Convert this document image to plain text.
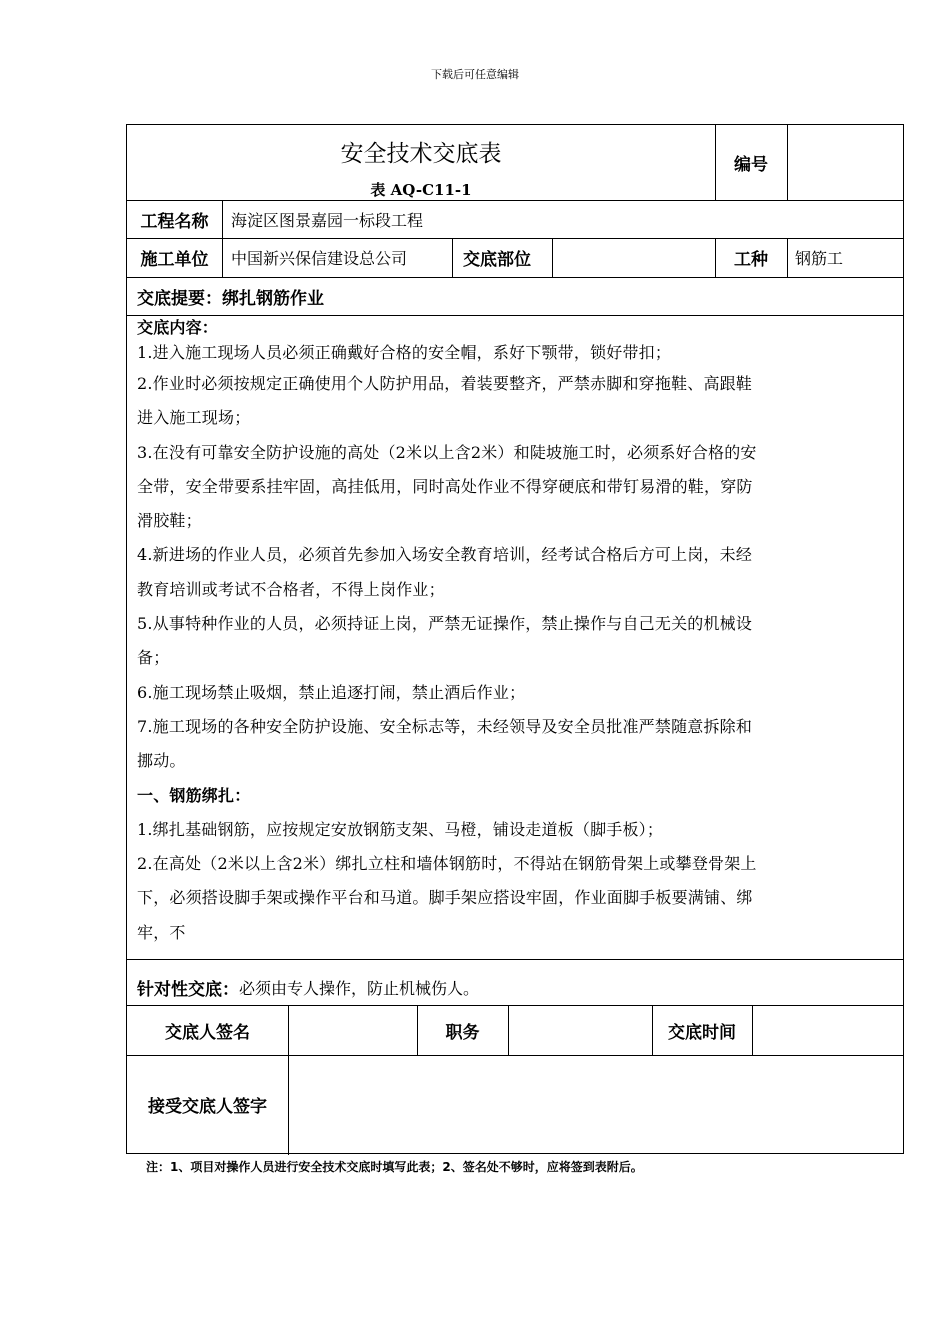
下载后可任意编辑
安全技术交底表
表 AQ-C11-1
编号
工程名称	海淀区图景嘉园一标段工程
施工单位	中国新兴保信建设总公司	交底部位	工种	钢筋工
交底提要： 绑扎钢筋作业
针对性交底： 必须由专人操作，防止机械伤人。
交底人签名	职务	交底时间
接受交底人签字
交底内容：
1.进入施工现场人员必须正确戴好合格的安全帽，系好下颚带，锁好带扣；
2.作业时必须按规定正确使用个人防护用品，着装要整齐，严禁赤脚和穿拖鞋、高跟鞋
进入施工现场；
3.在没有可靠安全防护设施的高处（2米以上含2米）和陡坡施工时，必须系好合格的安
全带，安全带要系挂牢固，高挂低用，同时高处作业不得穿硬底和带钉易滑的鞋，穿防
滑胶鞋；
4.新进场的作业人员，必须首先参加入场安全教育培训，经考试合格后方可上岗，未经
教育培训或考试不合格者，不得上岗作业；
5.从事特种作业的人员，必须持证上岗，严禁无证操作，禁止操作与自己无关的机械设
备；
6.施工现场禁止吸烟，禁止追逐打闹，禁止酒后作业；
7.施工现场的各种安全防护设施、安全标志等，未经领导及安全员批准严禁随意拆除和
挪动。
一、钢筋绑扎：
1.绑扎基础钢筋，应按规定安放钢筋支架、马橙，铺设走道板（脚手板）；
2.在高处（2米以上含2米）绑扎立柱和墙体钢筋时，不得站在钢筋骨架上或攀登骨架上
下，必须搭设脚手架或操作平台和马道。脚手架应搭设牢固，作业面脚手板要满铺、绑
牢，不
注：1、项目对操作人员进行安全技术交底时填写此表；2、签名处不够时，应将签到表附后。
